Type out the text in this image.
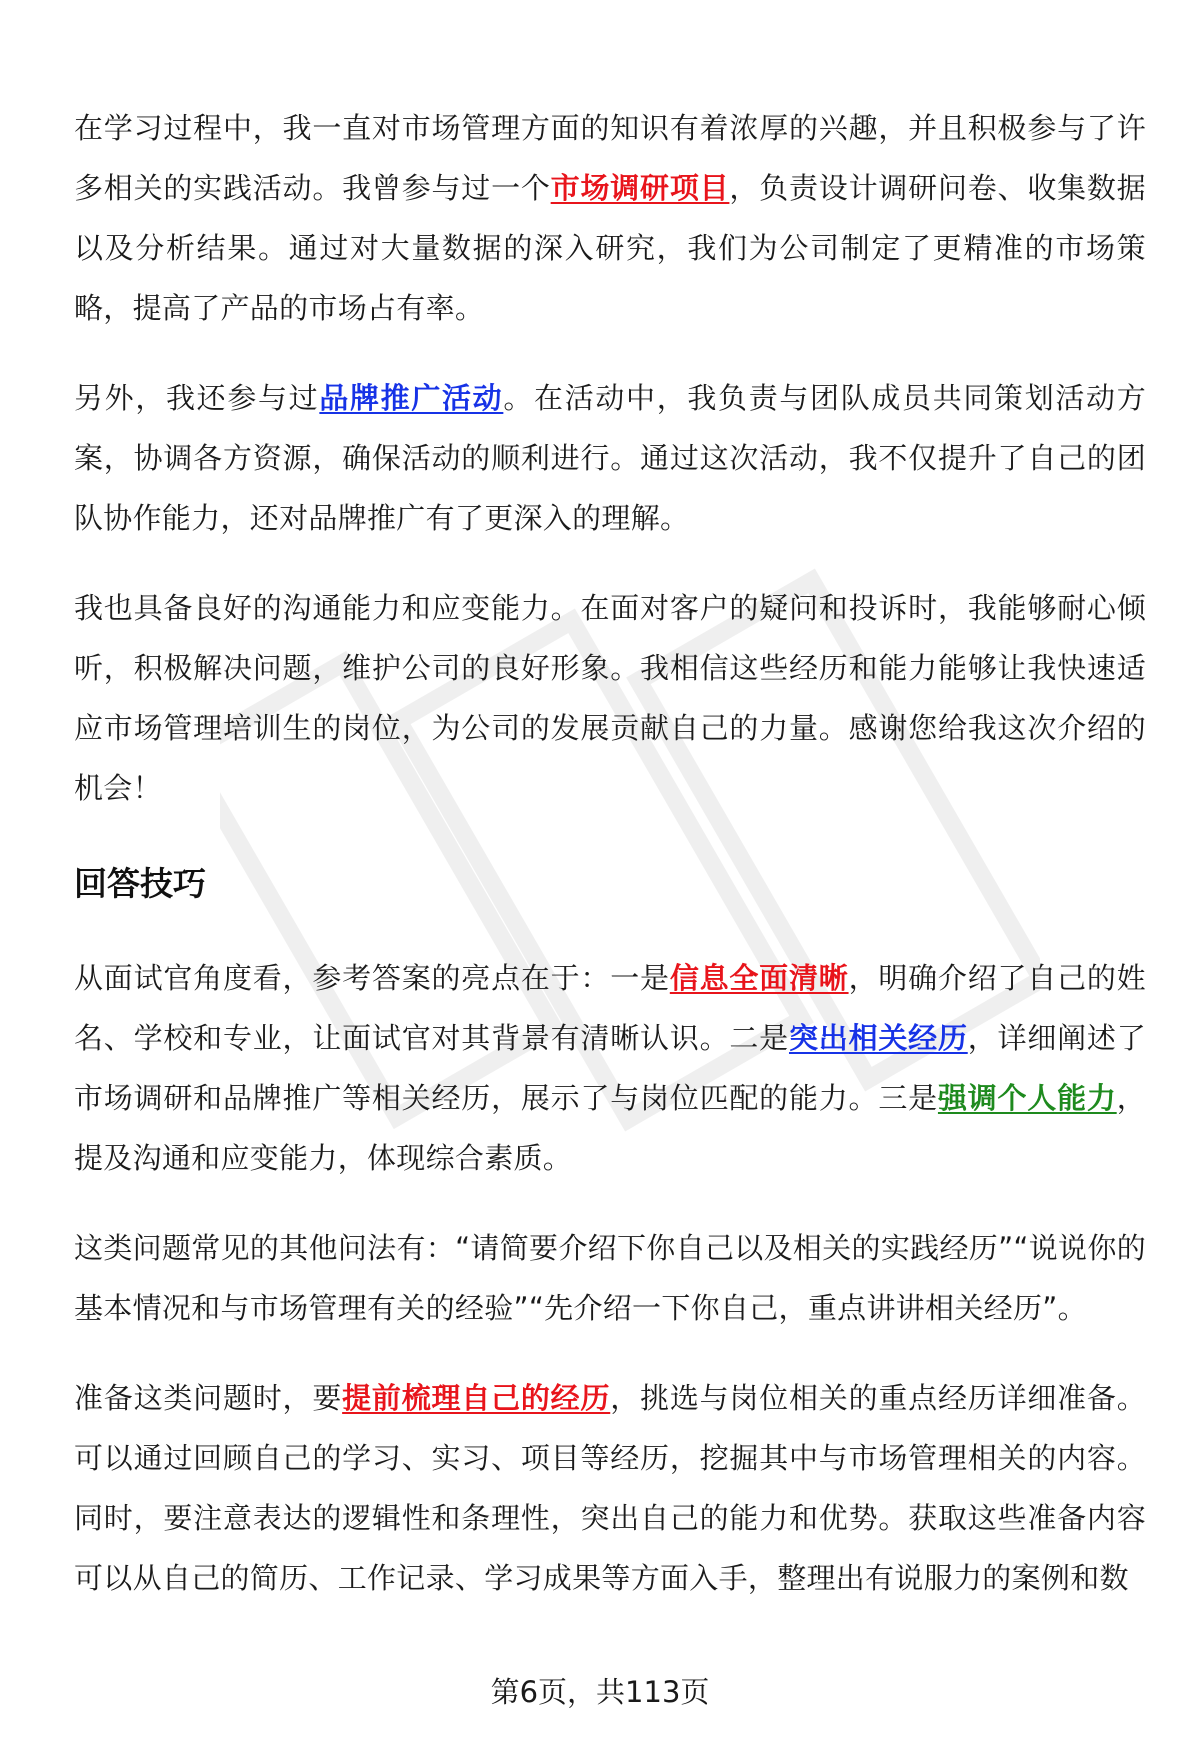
在学习过程中，我一直对市场管理方面的知识有着浓厚的兴趣，并且积极参与了许多相关的实践活动。我曾参与过一个市场调研项目，负责设计调研问卷、收集数据以及分析结果。通过对大量数据的深入研究，我们为公司制定了更精准的市场策略，提高了产品的市场占有率。

另外，我还参与过品牌推广活动。在活动中，我负责与团队成员共同策划活动方案，协调各方资源，确保活动的顺利进行。通过这次活动，我不仅提升了自己的团队协作能力，还对品牌推广有了更深入的理解。

我也具备良好的沟通能力和应变能力。在面对客户的疑问和投诉时，我能够耐心倾听，积极解决问题，维护公司的良好形象。我相信这些经历和能力能够让我快速适应市场管理培训生的岗位，为公司的发展贡献自己的力量。感谢您给我这次介绍的机会！

回答技巧

从面试官角度看，参考答案的亮点在于：一是信息全面清晰，明确介绍了自己的姓名、学校和专业，让面试官对其背景有清晰认识。二是突出相关经历，详细阐述了市场调研和品牌推广等相关经历，展示了与岗位匹配的能力。三是强调个人能力，提及沟通和应变能力，体现综合素质。

这类问题常见的其他问法有：“请简要介绍下你自己以及相关的实践经历”“说说你的基本情况和与市场管理有关的经验”“先介绍一下你自己，重点讲讲相关经历”。

准备这类问题时，要提前梳理自己的经历，挑选与岗位相关的重点经历详细准备。可以通过回顾自己的学习、实习、项目等经历，挖掘其中与市场管理相关的内容。同时，要注意表达的逻辑性和条理性，突出自己的能力和优势。获取这些准备内容可以从自己的简历、工作记录、学习成果等方面入手，整理出有说服力的案例和数

第6页，共113页
